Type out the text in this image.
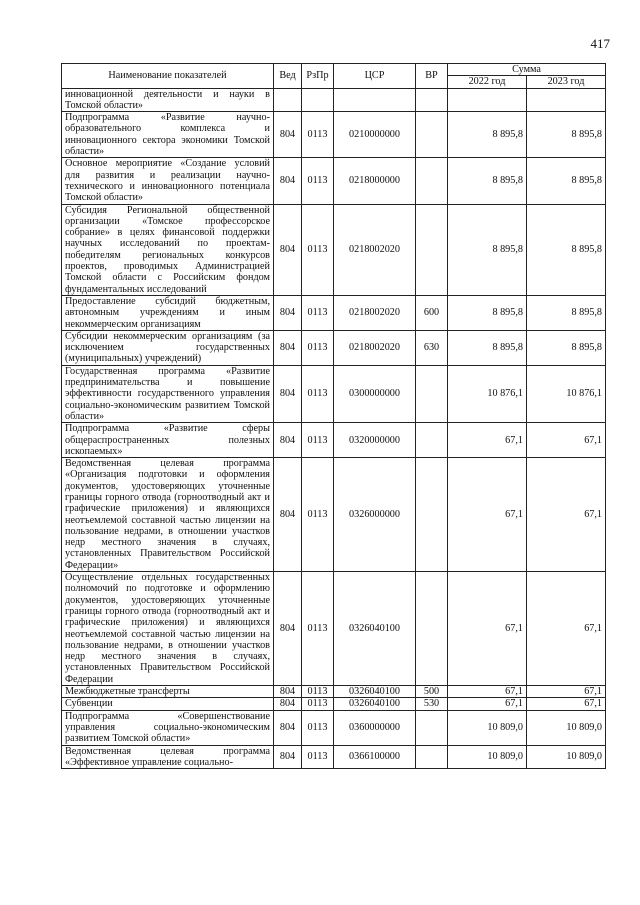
417
Наименование показателей	Вед	РзПр	ЦСР	ВР	Сумма	
					2022 год	2023 год
инновационной деятельности и науки в Томской области»						
Подпрограмма «Развитие научно-образовательного комплекса и инновационного сектора экономики Томской области»	804	0113	0210000000		8 895,8	8 895,8
Основное мероприятие «Создание условий для развития и реализации научно-технического и инновационного потенциала Томской области»	804	0113	0218000000		8 895,8	8 895,8
Субсидия Региональной общественной организации «Томское профессорское собрание» в целях финансовой поддержки научных исследований по проектам-победителям региональных конкурсов проектов, проводимых Администрацией Томской области с Российским фондом фундаментальных исследований	804	0113	0218002020		8 895,8	8 895,8
Предоставление субсидий бюджетным, автономным учреждениям и иным некоммерческим организациям	804	0113	0218002020	600	8 895,8	8 895,8
Субсидии некоммерческим организациям (за исключением государственных (муниципальных) учреждений)	804	0113	0218002020	630	8 895,8	8 895,8
Государственная программа «Развитие предпринимательства и повышение эффективности государственного управления социально-экономическим развитием Томской области»	804	0113	0300000000		10 876,1	10 876,1
Подпрограмма «Развитие сферы общераспространенных полезных ископаемых»	804	0113	0320000000		67,1	67,1
Ведомственная целевая программа «Организация подготовки и оформления документов, удостоверяющих уточненные границы горного отвода (горноотводный акт и графические приложения) и являющихся неотъемлемой составной частью лицензии на пользование недрами, в отношении участков недр местного значения в случаях, установленных Правительством Российской Федерации»	804	0113	0326000000		67,1	67,1
Осуществление отдельных государственных полномочий по подготовке и оформлению документов, удостоверяющих уточненные границы горного отвода (горноотводный акт и графические приложения) и являющихся неотъемлемой составной частью лицензии на пользование недрами, в отношении участков недр местного значения в случаях, установленных Правительством Российской Федерации	804	0113	0326040100		67,1	67,1
Межбюджетные трансферты	804	0113	0326040100	500	67,1	67,1
Субвенции	804	0113	0326040100	530	67,1	67,1
Подпрограмма «Совершенствование управления социально-экономическим развитием Томской области»	804	0113	0360000000		10 809,0	10 809,0
Ведомственная целевая программа «Эффективное управление социально-	804	0113	0366100000		10 809,0	10 809,0
